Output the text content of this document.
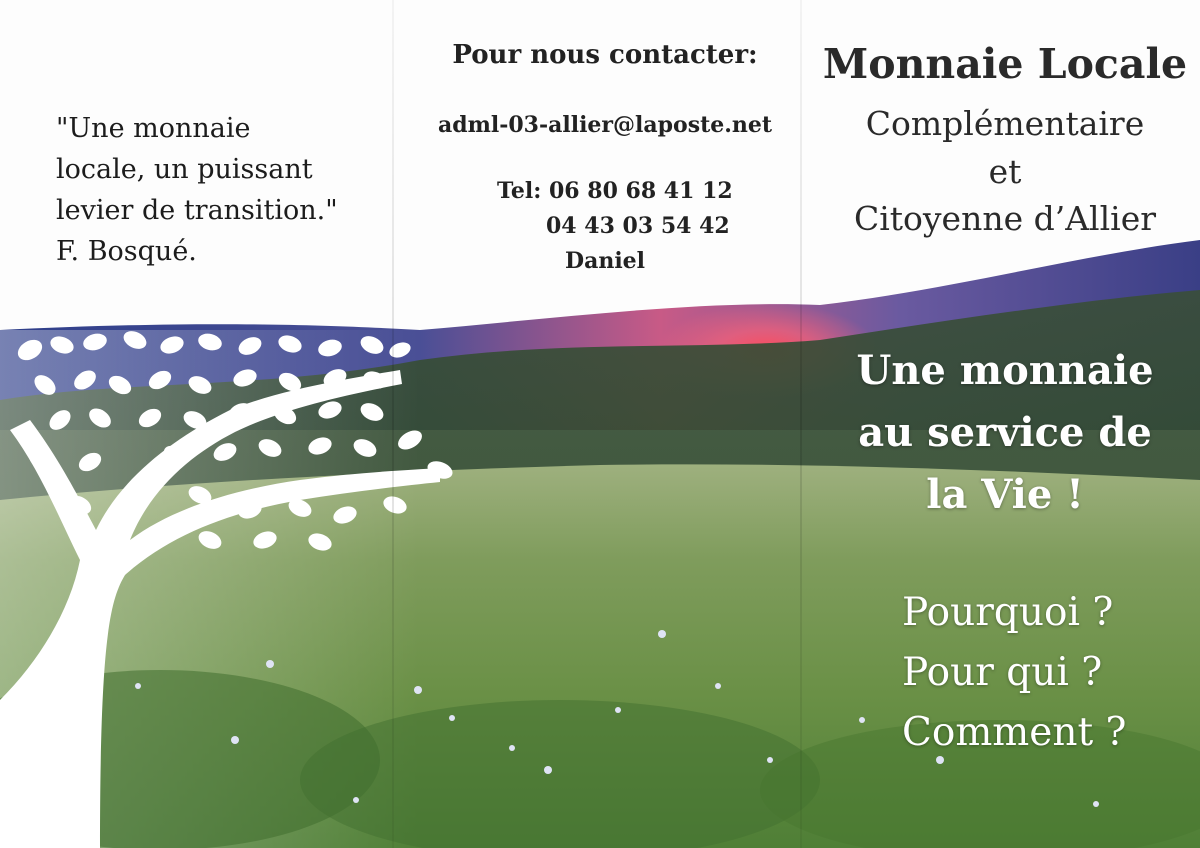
"Une monnaie
locale, un puissant
levier de transition."
F. Bosqué.
Pour nous contacter:
adml-03-allier@laposte.net
Tel: 06 80 68 41 12
04 43 03 54 42
Daniel
Monnaie Locale
Complémentaire
et
Citoyenne d’Allier
Une monnaie
au service de
la Vie !
Pourquoi ?
Pour qui ?
Comment ?
